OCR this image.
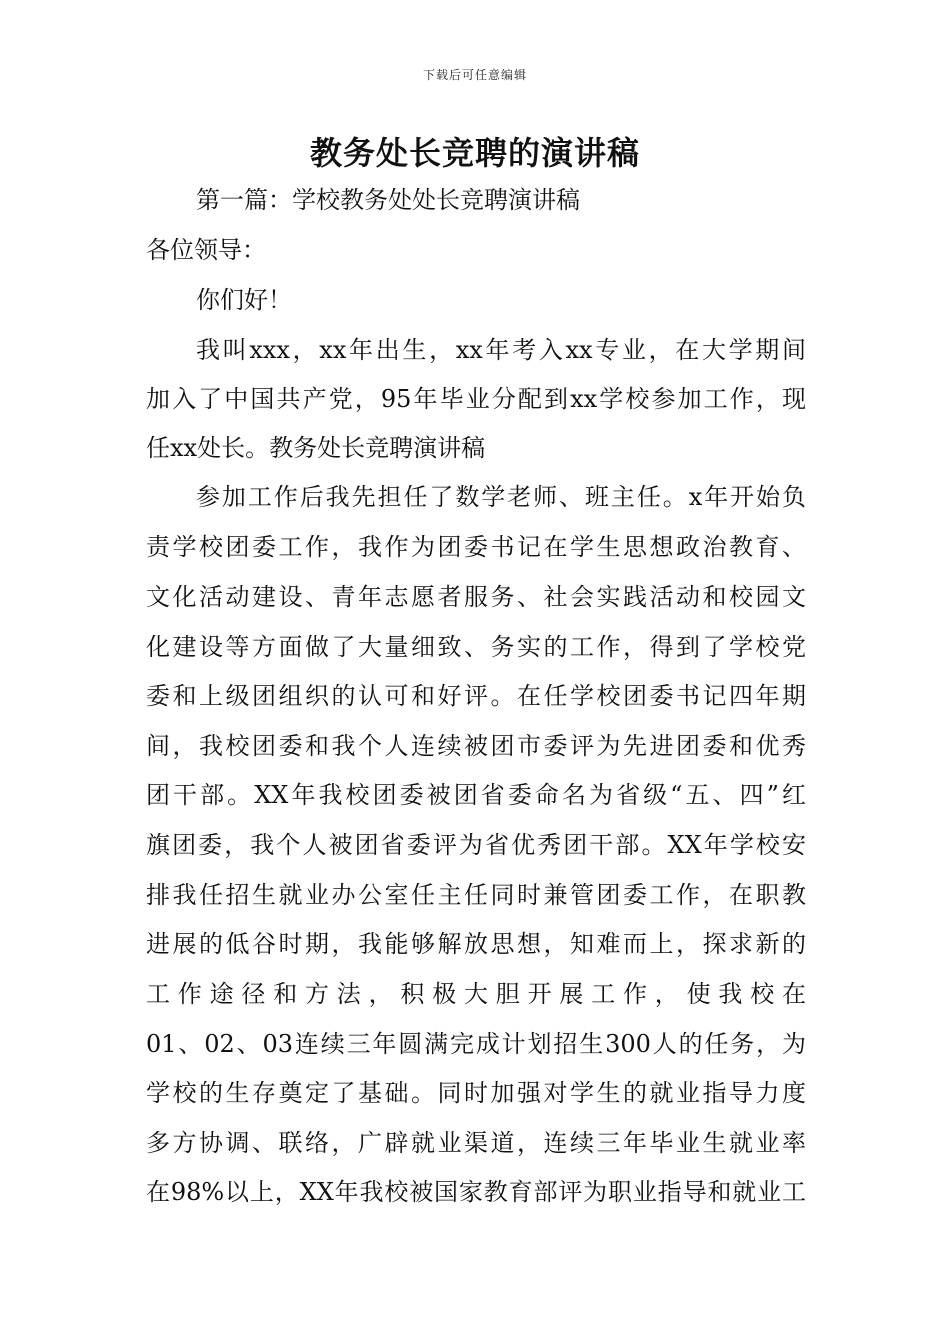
下载后可任意编辑
教务处长竞聘的演讲稿
第一篇：学校教务处处长竞聘演讲稿
各位领导：
你们好！
我叫xxx，xx年出生，xx年考入xx专业，在大学期间
加入了中国共产党，95年毕业分配到xx学校参加工作，现
任xx处长。教务处长竞聘演讲稿
参加工作后我先担任了数学老师、班主任。x年开始负
责学校团委工作，我作为团委书记在学生思想政治教育、
文化活动建设、青年志愿者服务、社会实践活动和校园文
化建设等方面做了大量细致、务实的工作，得到了学校党
委和上级团组织的认可和好评。在任学校团委书记四年期
间，我校团委和我个人连续被团市委评为先进团委和优秀
团干部。XX年我校团委被团省委命名为省级“五、四”红
旗团委，我个人被团省委评为省优秀团干部。XX年学校安
排我任招生就业办公室任主任同时兼管团委工作，在职教
进展的低谷时期，我能够解放思想，知难而上，探求新的
工作途径和方法，积极大胆开展工作，使我校在
01、02、03连续三年圆满完成计划招生300人的任务，为
学校的生存奠定了基础。同时加强对学生的就业指导力度
多方协调、联络，广辟就业渠道，连续三年毕业生就业率
在98%以上，XX年我校被国家教育部评为职业指导和就业工
